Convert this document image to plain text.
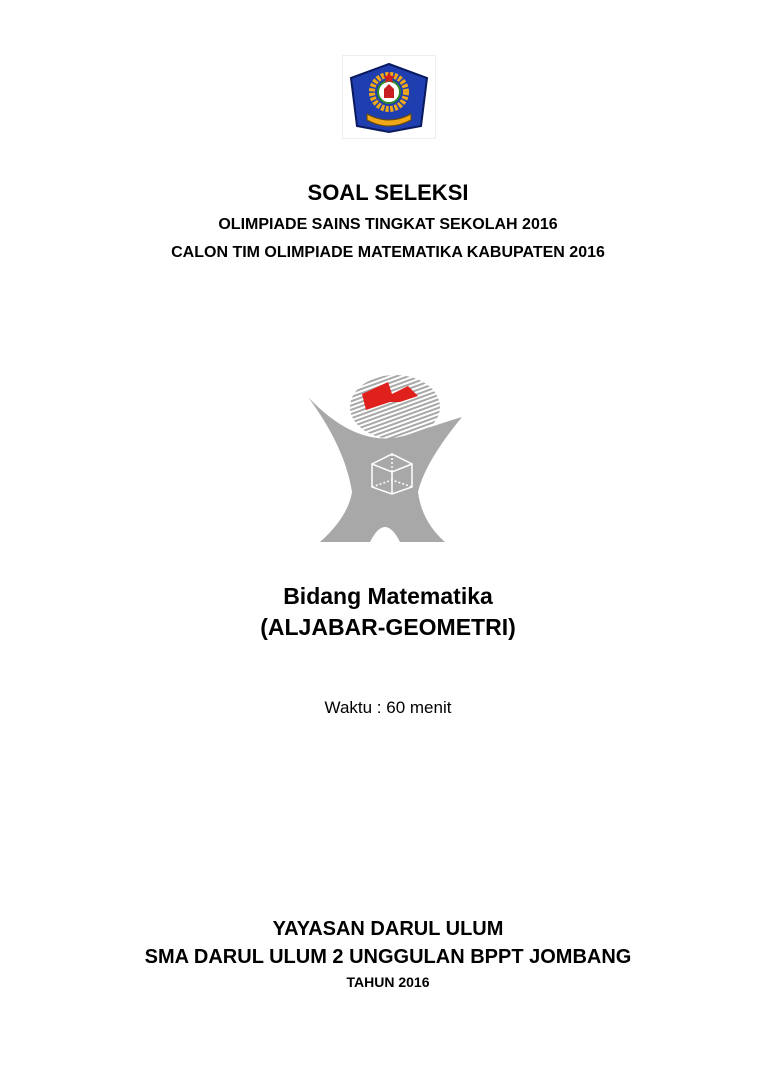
SOAL SELEKSI
OLIMPIADE SAINS TINGKAT SEKOLAH 2016
CALON TIM OLIMPIADE MATEMATIKA KABUPATEN 2016
Bidang Matematika
(ALJABAR-GEOMETRI)
Waktu : 60 menit
YAYASAN DARUL ULUM
SMA DARUL ULUM 2 UNGGULAN BPPT JOMBANG
TAHUN 2016
